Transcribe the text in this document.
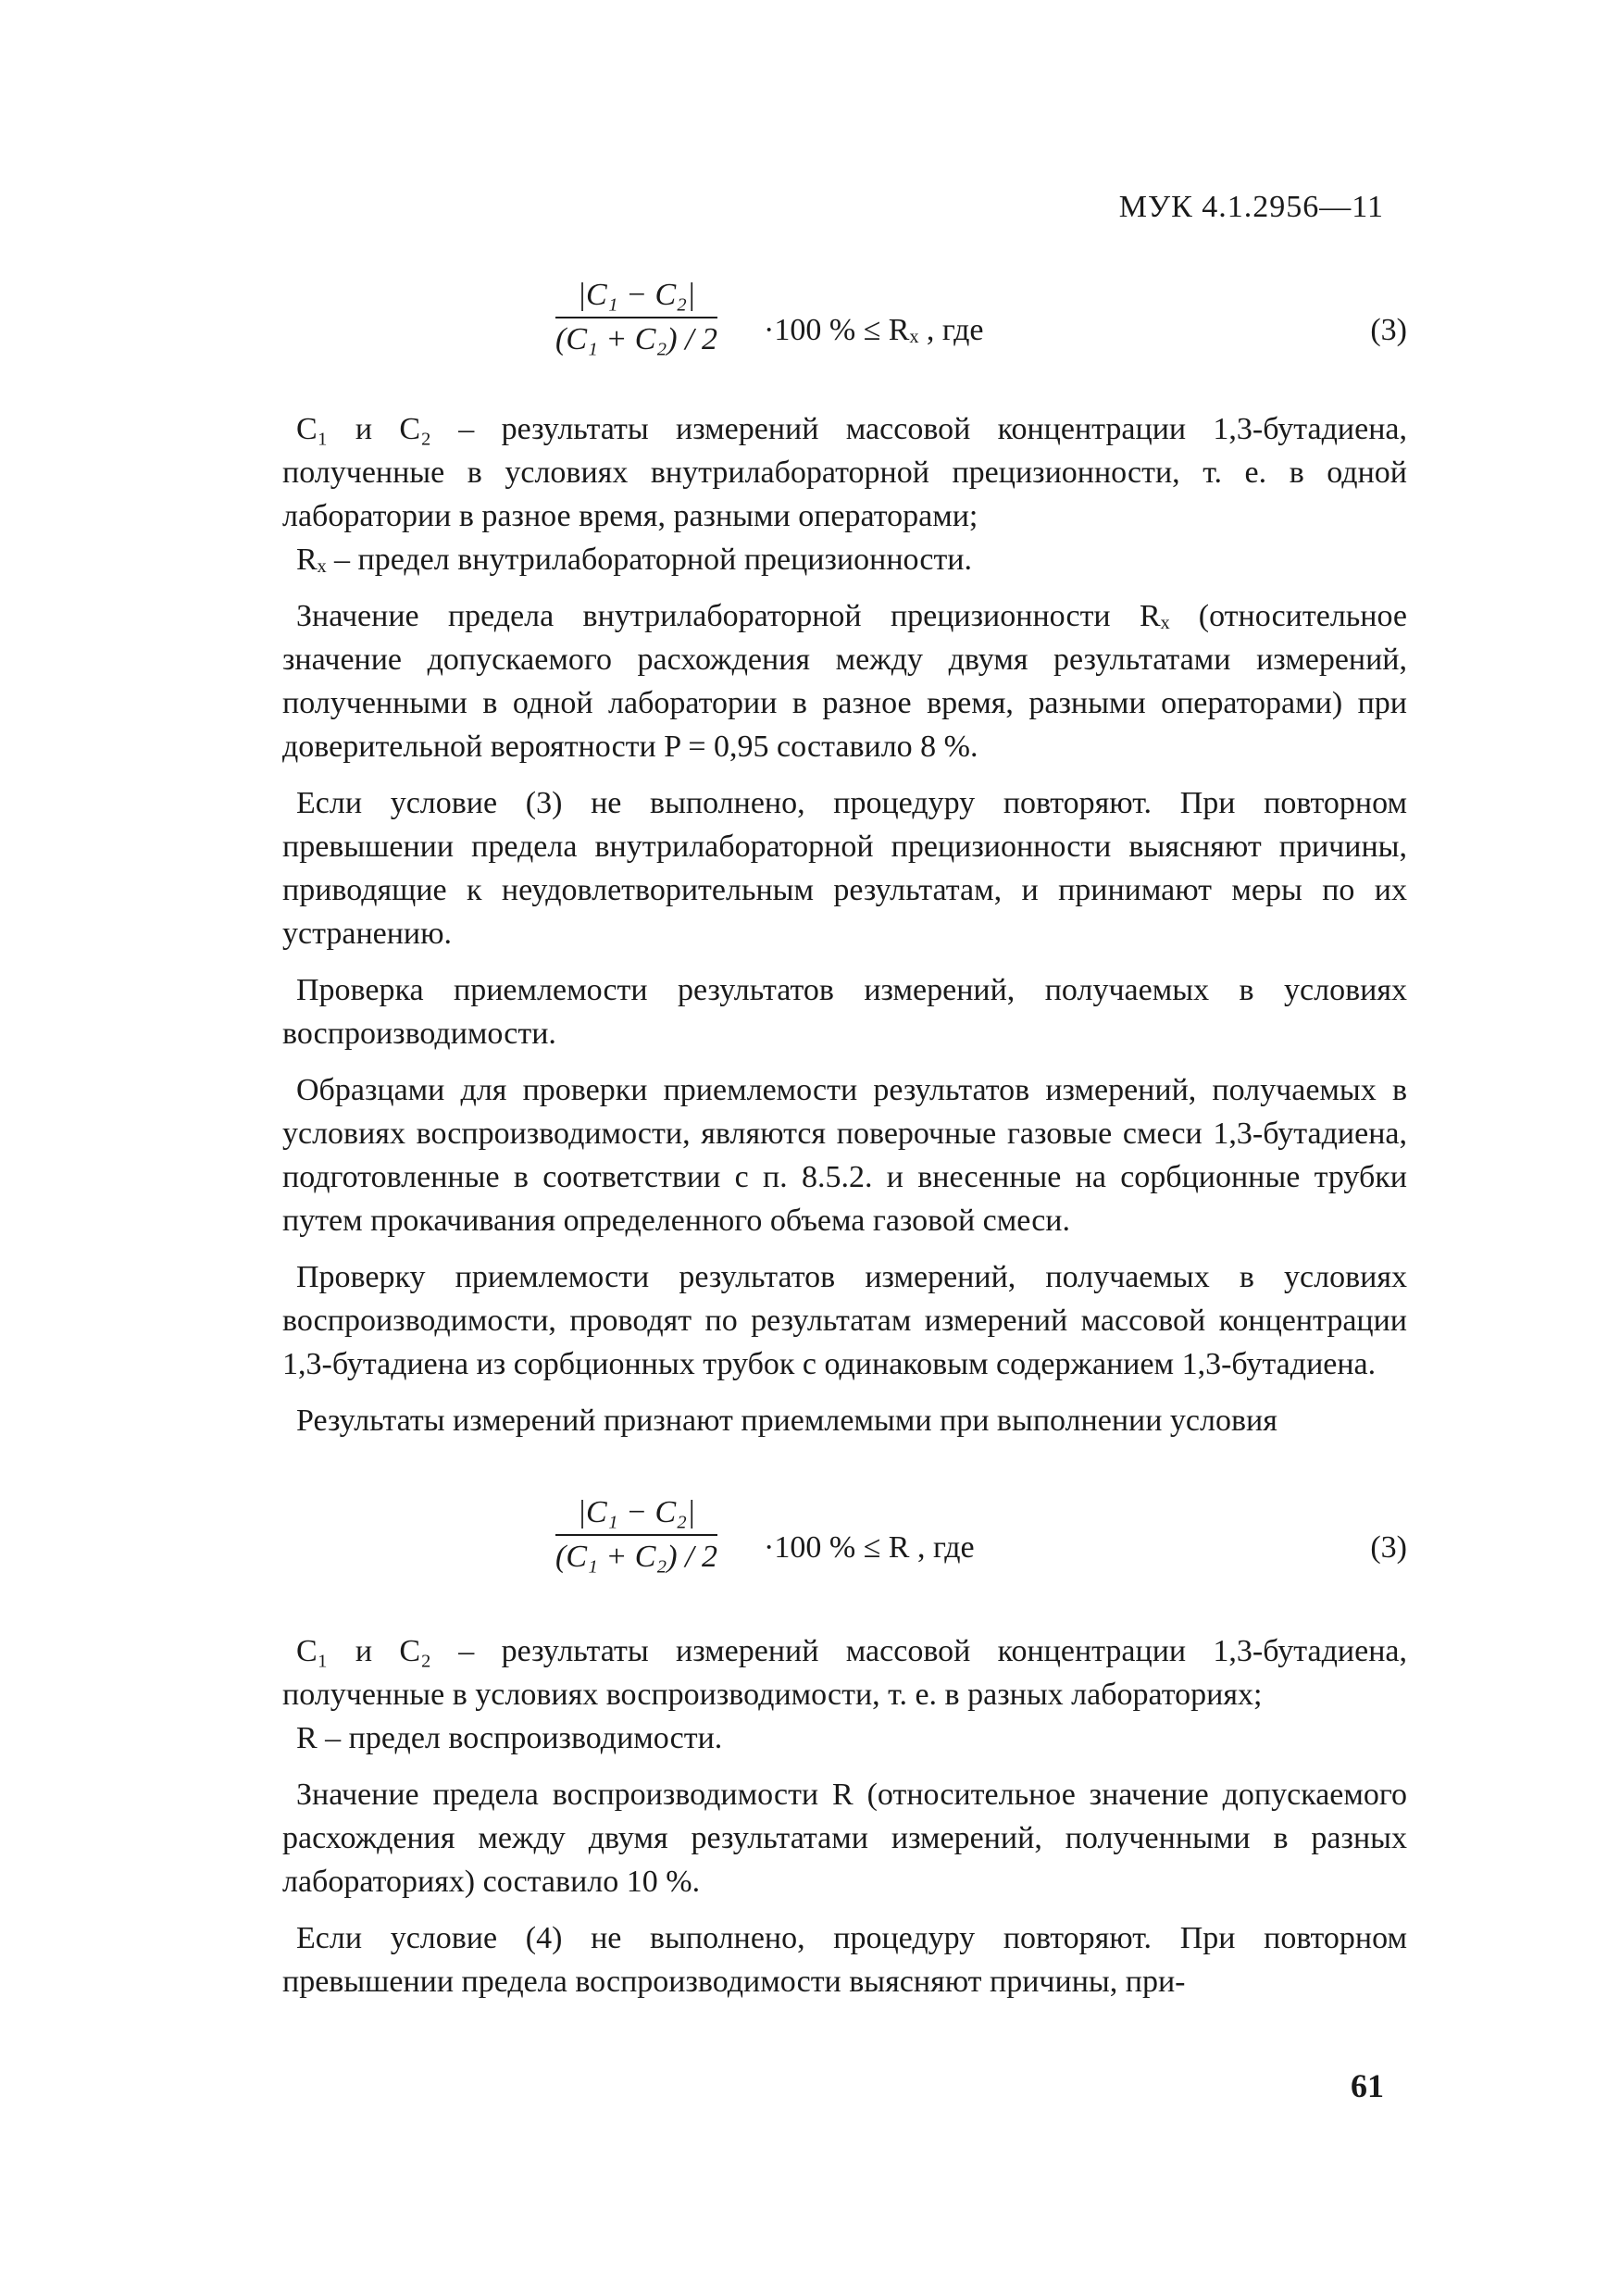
МУК 4.1.2956—11
|C₁ − C₂|
(C₁ + C₂) / 2 ·100 % ≤ Rₓ , где	(3)

C₁ и C₂ – результаты измерений массовой концентрации 1,3-бутадиена, полученные в условиях внутрилабораторной прецизионности, т. е. в одной лаборатории в разное время, разными операторами;

Rₓ – предел внутрилабораторной прецизионности.

Значение предела внутрилабораторной прецизионности Rₓ (относительное значение допускаемого расхождения между двумя результатами измерений, полученными в одной лаборатории в разное время, разными операторами) при доверительной вероятности P = 0,95 составило 8 %.

Если условие (3) не выполнено, процедуру повторяют. При повторном превышении предела внутрилабораторной прецизионности выясняют причины, приводящие к неудовлетворительным результатам, и принимают меры по их устранению.

Проверка приемлемости результатов измерений, получаемых в условиях воспроизводимости.

Образцами для проверки приемлемости результатов измерений, получаемых в условиях воспроизводимости, являются поверочные газовые смеси 1,3-бутадиена, подготовленные в соответствии с п. 8.5.2. и внесенные на сорбционные трубки путем прокачивания определенного объема газовой смеси.

Проверку приемлемости результатов измерений, получаемых в условиях воспроизводимости, проводят по результатам измерений массовой концентрации 1,3-бутадиена из сорбционных трубок с одинаковым содержанием 1,3-бутадиена.

Результаты измерений признают приемлемыми при выполнении условия

|C₁ − C₂|
(C₁ + C₂) / 2 ·100 % ≤ R , где	(3)

C₁ и C₂ – результаты измерений массовой концентрации 1,3-бутадиена, полученные в условиях воспроизводимости, т. е. в разных лабораториях;

R – предел воспроизводимости.

Значение предела воспроизводимости R (относительное значение допускаемого расхождения между двумя результатами измерений, полученными в разных лабораториях) составило 10 %.

Если условие (4) не выполнено, процедуру повторяют. При повторном превышении предела воспроизводимости выясняют причины, при-

61
